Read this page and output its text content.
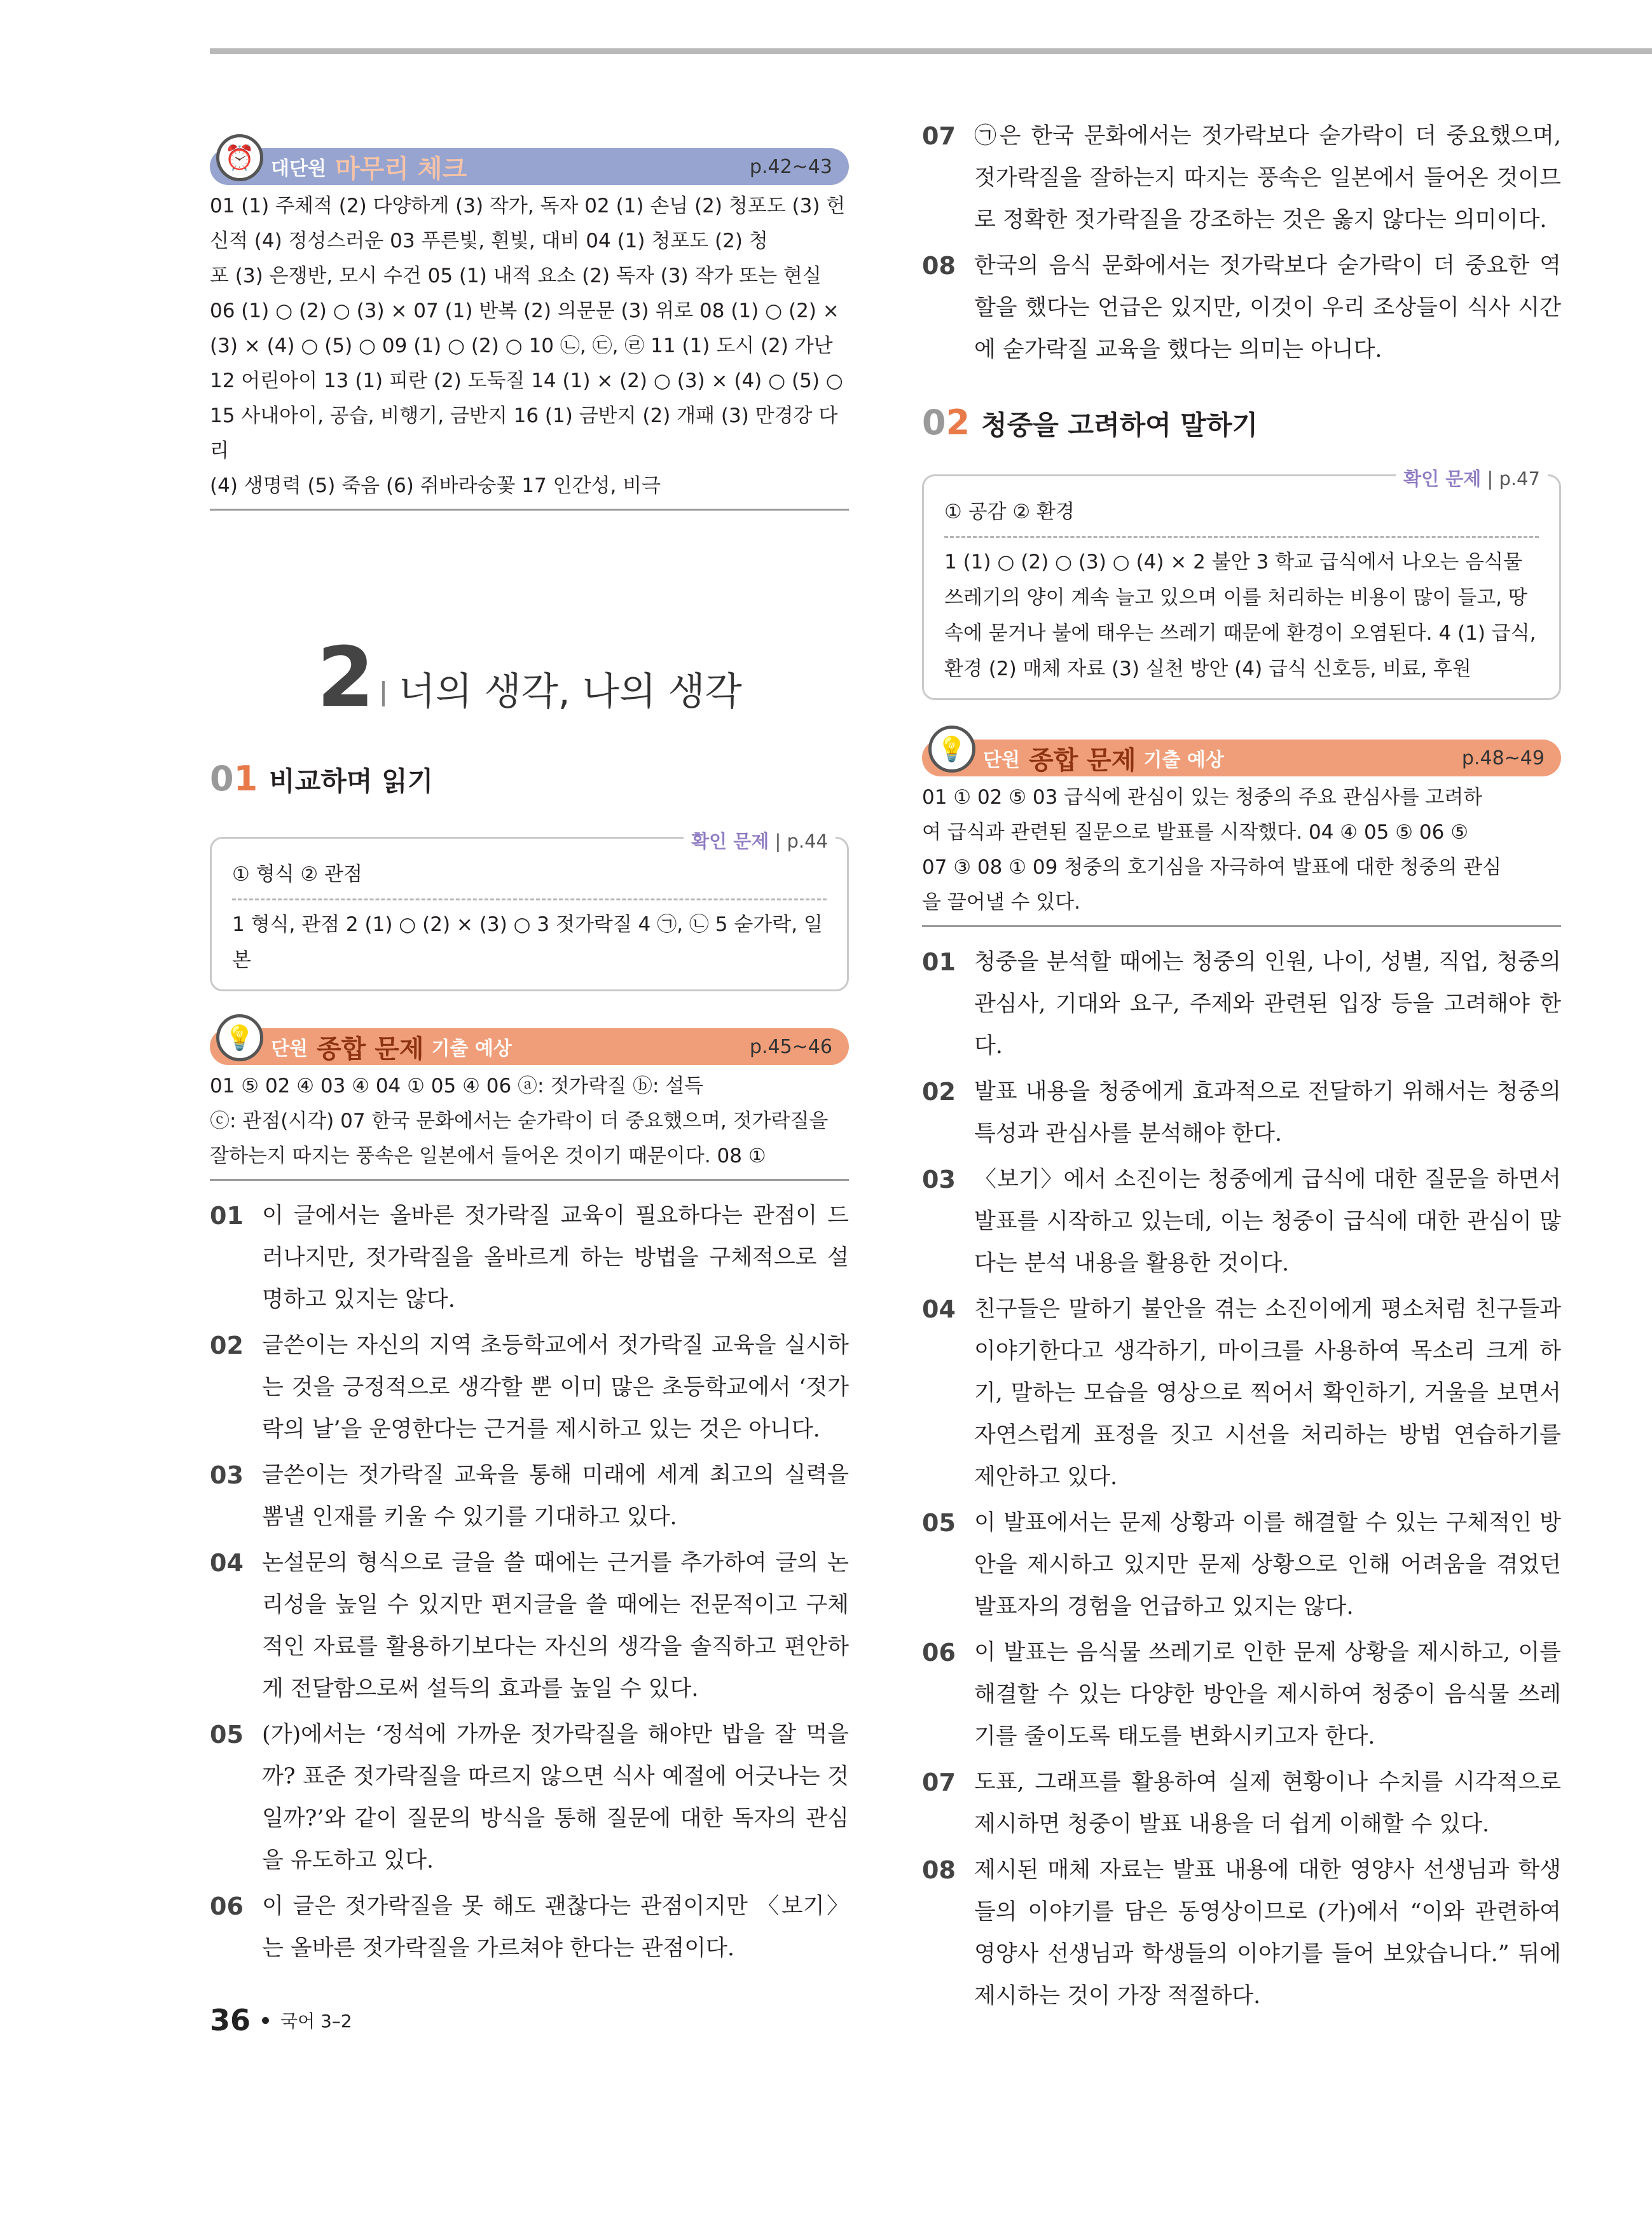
⏰ 대단원 마무리 체크	p.42~43
01 (1) 주체적 (2) 다양하게 (3) 작가, 독자 02 (1) 손님 (2) 청포도 (3) 헌
신적 (4) 정성스러운 03 푸른빛, 흰빛, 대비 04 (1) 청포도 (2) 청
포 (3) 은쟁반, 모시 수건 05 (1) 내적 요소 (2) 독자 (3) 작가 또는 현실
06 (1) ○ (2) ○ (3) × 07 (1) 반복 (2) 의문문 (3) 위로 08 (1) ○ (2) ×
(3) × (4) ○ (5) ○ 09 (1) ○ (2) ○ 10 ㉡, ㉢, ㉣ 11 (1) 도시 (2) 가난
12 어린아이 13 (1) 피란 (2) 도둑질 14 (1) × (2) ○ (3) × (4) ○ (5) ○
15 사내아이, 공습, 비행기, 금반지 16 (1) 금반지 (2) 개패 (3) 만경강 다리
(4) 생명력 (5) 죽음 (6) 쥐바라숭꽃 17 인간성, 비극
2 너의 생각, 나의 생각
01 비교하며 읽기
확인 문제 | p.44
① 형식 ② 관점
1 형식, 관점 2 (1) ○ (2) × (3) ○ 3 젓가락질 4 ㉠, ㉡ 5 숟가락, 일본
💡 단원 종합 문제 기출 예상	p.45~46
01 ⑤ 02 ④ 03 ④ 04 ① 05 ④ 06 ⓐ: 젓가락질 ⓑ: 설득
ⓒ: 관점(시각) 07 한국 문화에서는 숟가락이 더 중요했으며, 젓가락질을
잘하는지 따지는 풍속은 일본에서 들어온 것이기 때문이다. 08 ①
01 이 글에서는 올바른 젓가락질 교육이 필요하다는 관점이 드러나지만, 젓가락질을 올바르게 하는 방법을 구체적으로 설명하고 있지는 않다.
02 글쓴이는 자신의 지역 초등학교에서 젓가락질 교육을 실시하는 것을 긍정적으로 생각할 뿐 이미 많은 초등학교에서 ‘젓가락의 날’을 운영한다는 근거를 제시하고 있는 것은 아니다.
03 글쓴이는 젓가락질 교육을 통해 미래에 세계 최고의 실력을 뽐낼 인재를 키울 수 있기를 기대하고 있다.
04 논설문의 형식으로 글을 쓸 때에는 근거를 추가하여 글의 논리성을 높일 수 있지만 편지글을 쓸 때에는 전문적이고 구체적인 자료를 활용하기보다는 자신의 생각을 솔직하고 편안하게 전달함으로써 설득의 효과를 높일 수 있다.
05 (가)에서는 ‘정석에 가까운 젓가락질을 해야만 밥을 잘 먹을까? 표준 젓가락질을 따르지 않으면 식사 예절에 어긋나는 것일까?’와 같이 질문의 방식을 통해 질문에 대한 독자의 관심을 유도하고 있다.
06 이 글은 젓가락질을 못 해도 괜찮다는 관점이지만 〈보기〉는 올바른 젓가락질을 가르쳐야 한다는 관점이다.
07 ㉠은 한국 문화에서는 젓가락보다 숟가락이 더 중요했으며, 젓가락질을 잘하는지 따지는 풍속은 일본에서 들어온 것이므로 정확한 젓가락질을 강조하는 것은 옳지 않다는 의미이다.
08 한국의 음식 문화에서는 젓가락보다 숟가락이 더 중요한 역할을 했다는 언급은 있지만, 이것이 우리 조상들이 식사 시간에 숟가락질 교육을 했다는 의미는 아니다.
02 청중을 고려하여 말하기
확인 문제 | p.47
① 공감 ② 환경
1 (1) ○ (2) ○ (3) ○ (4) × 2 불안 3 학교 급식에서 나오는 음식물 쓰레기의 양이 계속 늘고 있으며 이를 처리하는 비용이 많이 들고, 땅속에 묻거나 불에 태우는 쓰레기 때문에 환경이 오염된다. 4 (1) 급식, 환경 (2) 매체 자료 (3) 실천 방안 (4) 급식 신호등, 비료, 후원
💡 단원 종합 문제 기출 예상	p.48~49
01 ① 02 ⑤ 03 급식에 관심이 있는 청중의 주요 관심사를 고려하
여 급식과 관련된 질문으로 발표를 시작했다. 04 ④ 05 ⑤ 06 ⑤
07 ③ 08 ① 09 청중의 호기심을 자극하여 발표에 대한 청중의 관심
을 끌어낼 수 있다.
01 청중을 분석할 때에는 청중의 인원, 나이, 성별, 직업, 청중의 관심사, 기대와 요구, 주제와 관련된 입장 등을 고려해야 한다.
02 발표 내용을 청중에게 효과적으로 전달하기 위해서는 청중의 특성과 관심사를 분석해야 한다.
03 〈보기〉에서 소진이는 청중에게 급식에 대한 질문을 하면서 발표를 시작하고 있는데, 이는 청중이 급식에 대한 관심이 많다는 분석 내용을 활용한 것이다.
04 친구들은 말하기 불안을 겪는 소진이에게 평소처럼 친구들과 이야기한다고 생각하기, 마이크를 사용하여 목소리 크게 하기, 말하는 모습을 영상으로 찍어서 확인하기, 거울을 보면서 자연스럽게 표정을 짓고 시선을 처리하는 방법 연습하기를 제안하고 있다.
05 이 발표에서는 문제 상황과 이를 해결할 수 있는 구체적인 방안을 제시하고 있지만 문제 상황으로 인해 어려움을 겪었던 발표자의 경험을 언급하고 있지는 않다.
06 이 발표는 음식물 쓰레기로 인한 문제 상황을 제시하고, 이를 해결할 수 있는 다양한 방안을 제시하여 청중이 음식물 쓰레기를 줄이도록 태도를 변화시키고자 한다.
07 도표, 그래프를 활용하여 실제 현황이나 수치를 시각적으로 제시하면 청중이 발표 내용을 더 쉽게 이해할 수 있다.
08 제시된 매체 자료는 발표 내용에 대한 영양사 선생님과 학생들의 이야기를 담은 동영상이므로 (가)에서 “이와 관련하여 영양사 선생님과 학생들의 이야기를 들어 보았습니다.” 뒤에 제시하는 것이 가장 적절하다.
36 국어 3–2
